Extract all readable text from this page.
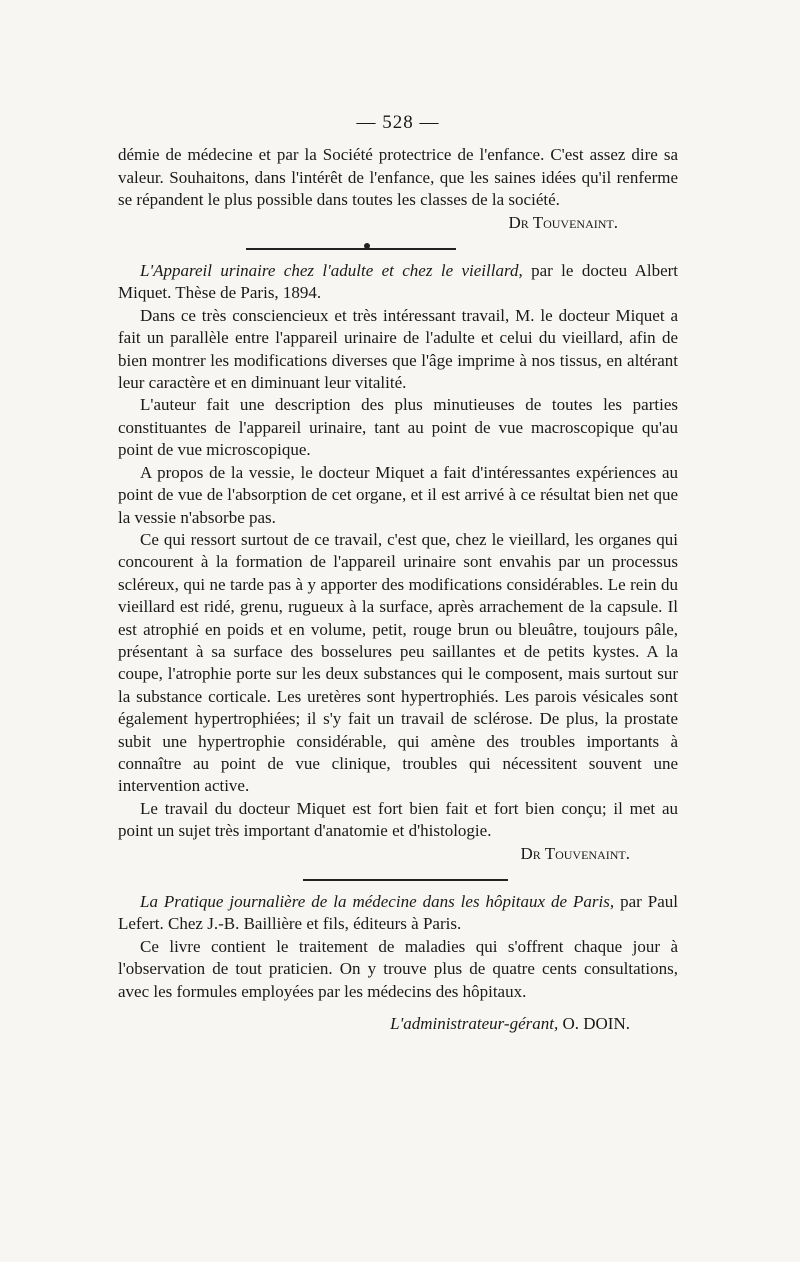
— 528 —

démie de médecine et par la Société protectrice de l'enfance. C'est assez dire sa valeur. Souhaitons, dans l'intérêt de l'enfance, que les saines idées qu'il renferme se répandent le plus possible dans toutes les classes de la société.

Dr Touvenaint.

L'Appareil urinaire chez l'adulte et chez le vieillard, par le docteu Albert Miquet. Thèse de Paris, 1894.

Dans ce très consciencieux et très intéressant travail, M. le docteur Miquet a fait un parallèle entre l'appareil urinaire de l'adulte et celui du vieillard, afin de bien montrer les modifications diverses que l'âge imprime à nos tissus, en altérant leur caractère et en diminuant leur vitalité.

L'auteur fait une description des plus minutieuses de toutes les parties constituantes de l'appareil urinaire, tant au point de vue macroscopique qu'au point de vue microscopique.

A propos de la vessie, le docteur Miquet a fait d'intéressantes expériences au point de vue de l'absorption de cet organe, et il est arrivé à ce résultat bien net que la vessie n'absorbe pas.

Ce qui ressort surtout de ce travail, c'est que, chez le vieillard, les organes qui concourent à la formation de l'appareil urinaire sont envahis par un processus scléreux, qui ne tarde pas à y apporter des modifications considérables. Le rein du vieillard est ridé, grenu, rugueux à la surface, après arrachement de la capsule. Il est atrophié en poids et en volume, petit, rouge brun ou bleuâtre, toujours pâle, présentant à sa surface des bosselures peu saillantes et de petits kystes. A la coupe, l'atrophie porte sur les deux substances qui le composent, mais surtout sur la substance corticale. Les uretères sont hypertrophiés. Les parois vésicales sont également hypertrophiées; il s'y fait un travail de sclérose. De plus, la prostate subit une hypertrophie considérable, qui amène des troubles importants à connaître au point de vue clinique, troubles qui nécessitent souvent une intervention active.

Le travail du docteur Miquet est fort bien fait et fort bien conçu; il met au point un sujet très important d'anatomie et d'histologie.

Dr Touvenaint.

La Pratique journalière de la médecine dans les hôpitaux de Paris, par Paul Lefert. Chez J.-B. Baillière et fils, éditeurs à Paris.

Ce livre contient le traitement de maladies qui s'offrent chaque jour à l'observation de tout praticien. On y trouve plus de quatre cents consultations, avec les formules employées par les médecins des hôpitaux.

L'administrateur-gérant, O. DOIN.
